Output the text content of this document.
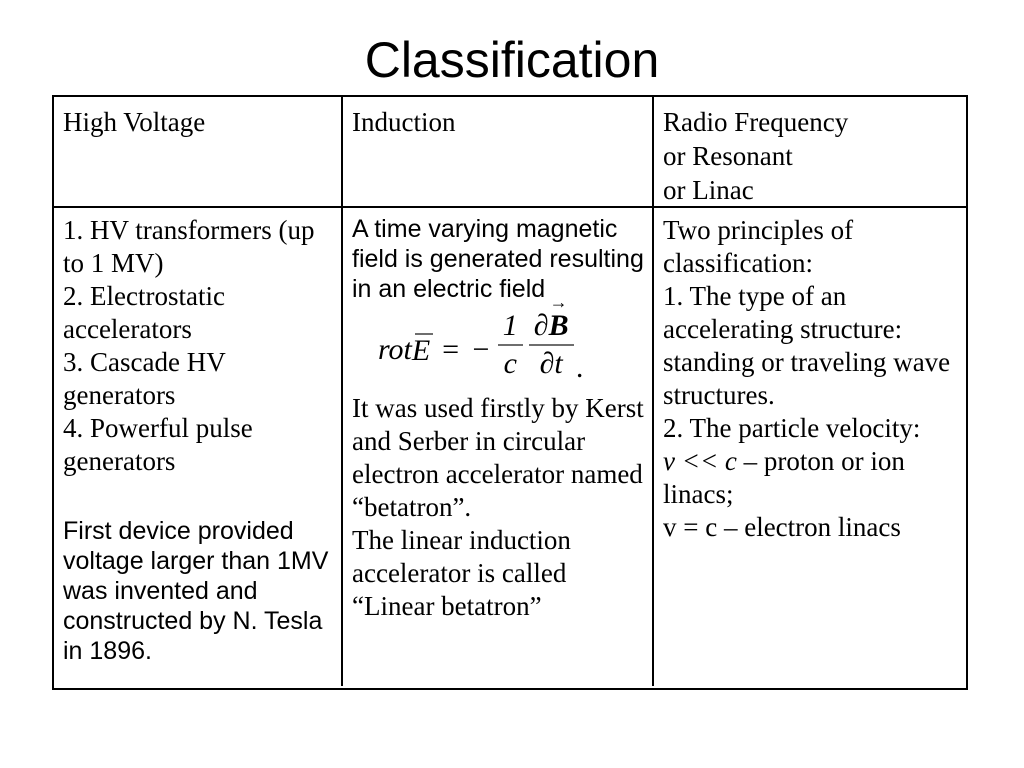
Classification
High Voltage	Induction	Radio Frequency
or Resonant
or Linac

1. HV transformers (up to 1 MV)

2. Electrostatic accelerators

3. Cascade HV generators

4. Powerful pulse generators

First device provided voltage larger than 1MV was invented and constructed by N. Tesla in 1896.

A time varying magnetic field is generated resulting in an electric field

rot E = − $\frac{1}{c}$ ∂
→
B
∂t .

It was used firstly by Kerst and Serber in circular electron accelerator named “betatron”.

The linear induction accelerator is called “Linear betatron”

Two principles of classification:

1. The type of an accelerating structure: standing or traveling wave structures.

2. The particle velocity:

v << c – proton or ion linacs;

v = c – electron linacs
